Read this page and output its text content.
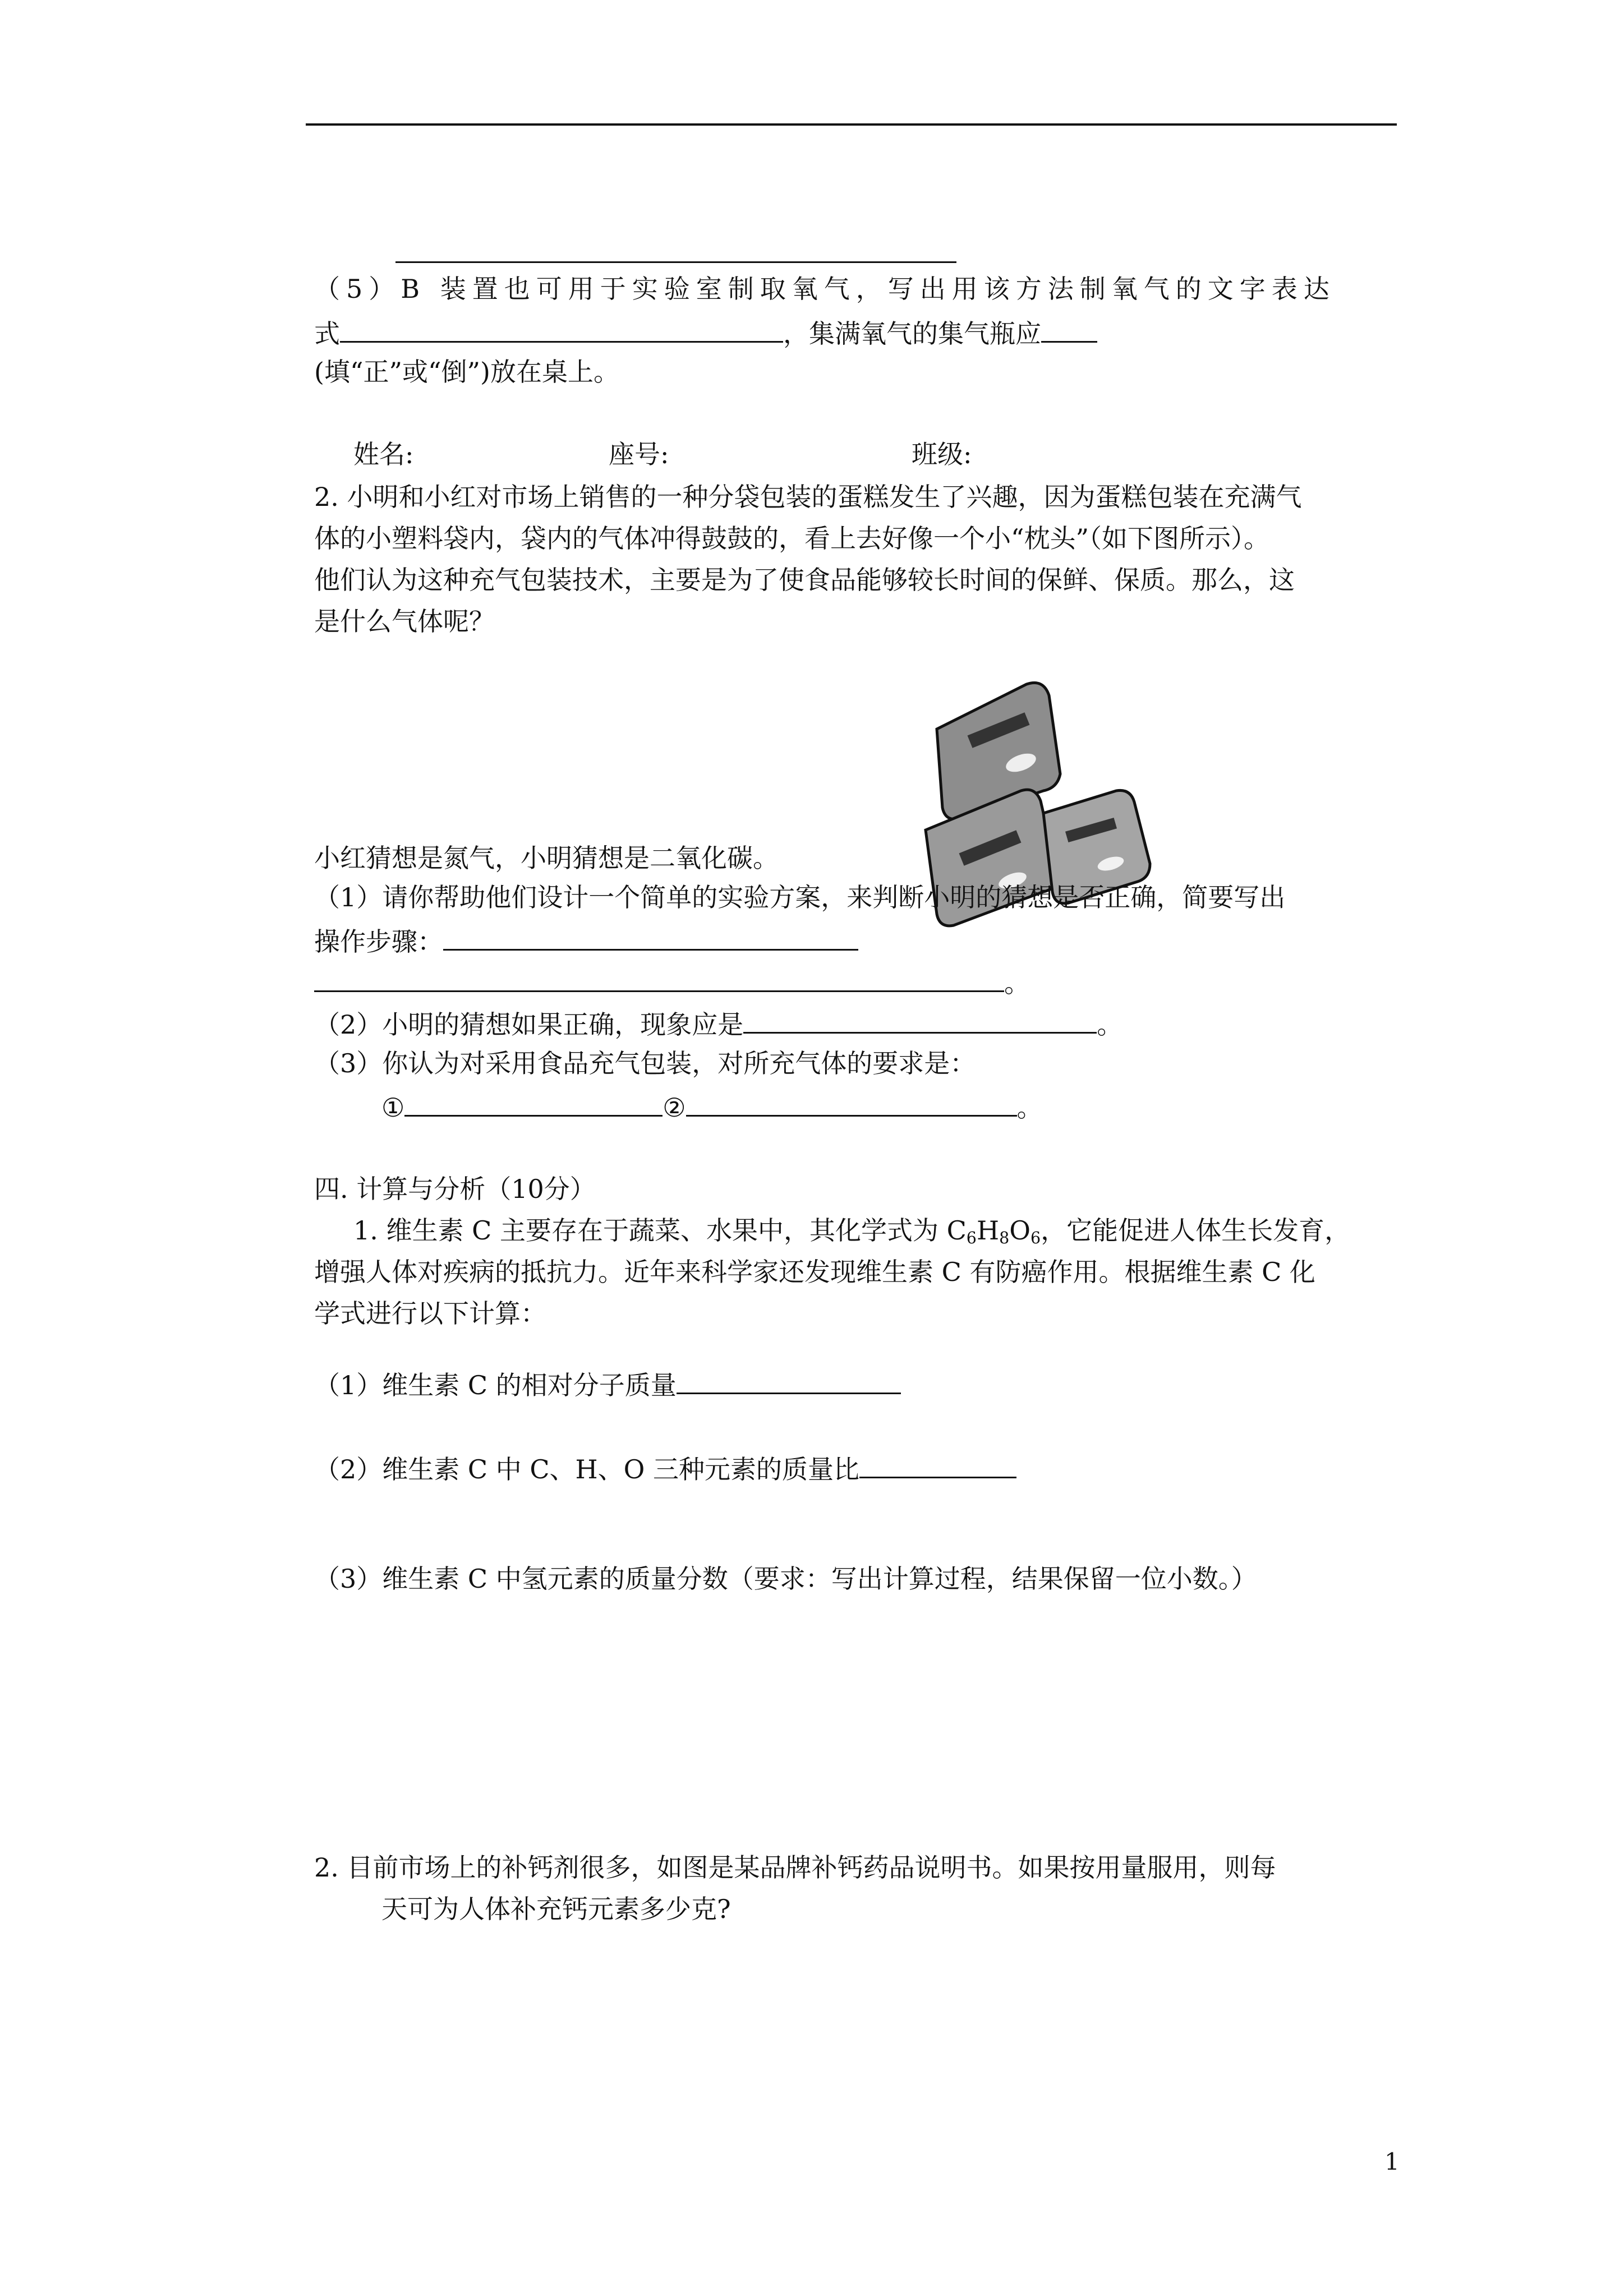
（5）B 装置也可用于实验室制取氧气，写出用该方法制氧气的文字表达
式	，集满氧气的集气瓶应
(填“正”或“倒”)放在桌上。
姓名:	座号:	班级:
2. 小明和小红对市场上销售的一种分袋包装的蛋糕发生了兴趣，因为蛋糕包装在充满气
体的小塑料袋内，袋内的气体冲得鼓鼓的，看上去好像一个小“枕头”（如下图所示）。
他们认为这种充气包装技术，主要是为了使食品能够较长时间的保鲜、保质。那么，这
是什么气体呢？
小红猜想是氮气，小明猜想是二氧化碳。
（1）请你帮助他们设计一个简单的实验方案，来判断小明的猜想是否正确，简要写出
操作步骤：
。
（2）小明的猜想如果正确，现象应是	。
（3）你认为对采用食品充气包装，对所充气体的要求是：
①	②	。
四. 计算与分析（10分）
1. 维生素 C 主要存在于蔬菜、水果中，其化学式为 $C_6H_8O_6$，它能促进人体生长发育，
增强人体对疾病的抵抗力。近年来科学家还发现维生素 C 有防癌作用。根据维生素 C 化
学式进行以下计算：
（1）维生素 C 的相对分子质量
（2）维生素 C 中 C、H、O 三种元素的质量比
（3）维生素 C 中氢元素的质量分数（要求：写出计算过程，结果保留一位小数。）
2. 目前市场上的补钙剂很多，如图是某品牌补钙药品说明书。如果按用量服用，则每
天可为人体补充钙元素多少克?
1
